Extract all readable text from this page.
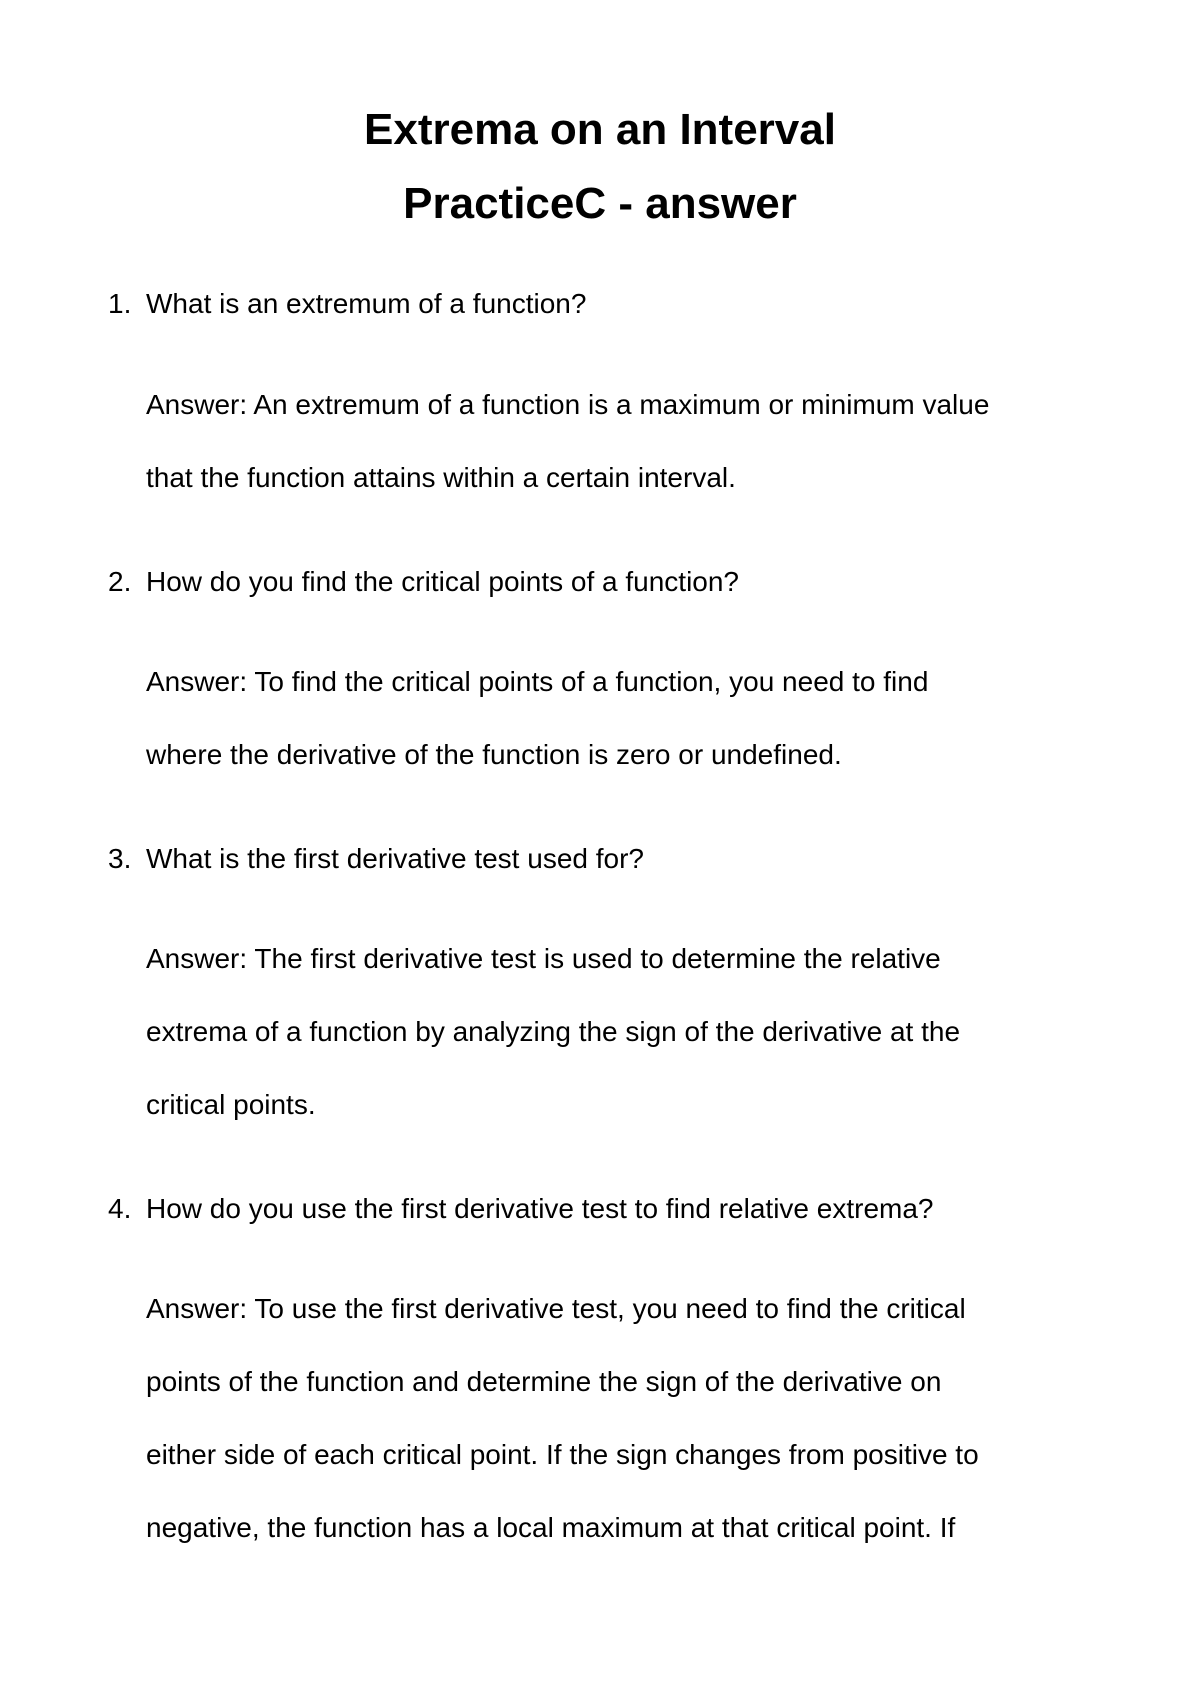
Extrema on an Interval
PracticeC - answer
1. What is an extremum of a function?
Answer: An extremum of a function is a maximum or minimum value
that the function attains within a certain interval.
2. How do you find the critical points of a function?
Answer: To find the critical points of a function, you need to find
where the derivative of the function is zero or undefined.
3. What is the first derivative test used for?
Answer: The first derivative test is used to determine the relative
extrema of a function by analyzing the sign of the derivative at the
critical points.
4. How do you use the first derivative test to find relative extrema?
Answer: To use the first derivative test, you need to find the critical
points of the function and determine the sign of the derivative on
either side of each critical point. If the sign changes from positive to
negative, the function has a local maximum at that critical point. If
